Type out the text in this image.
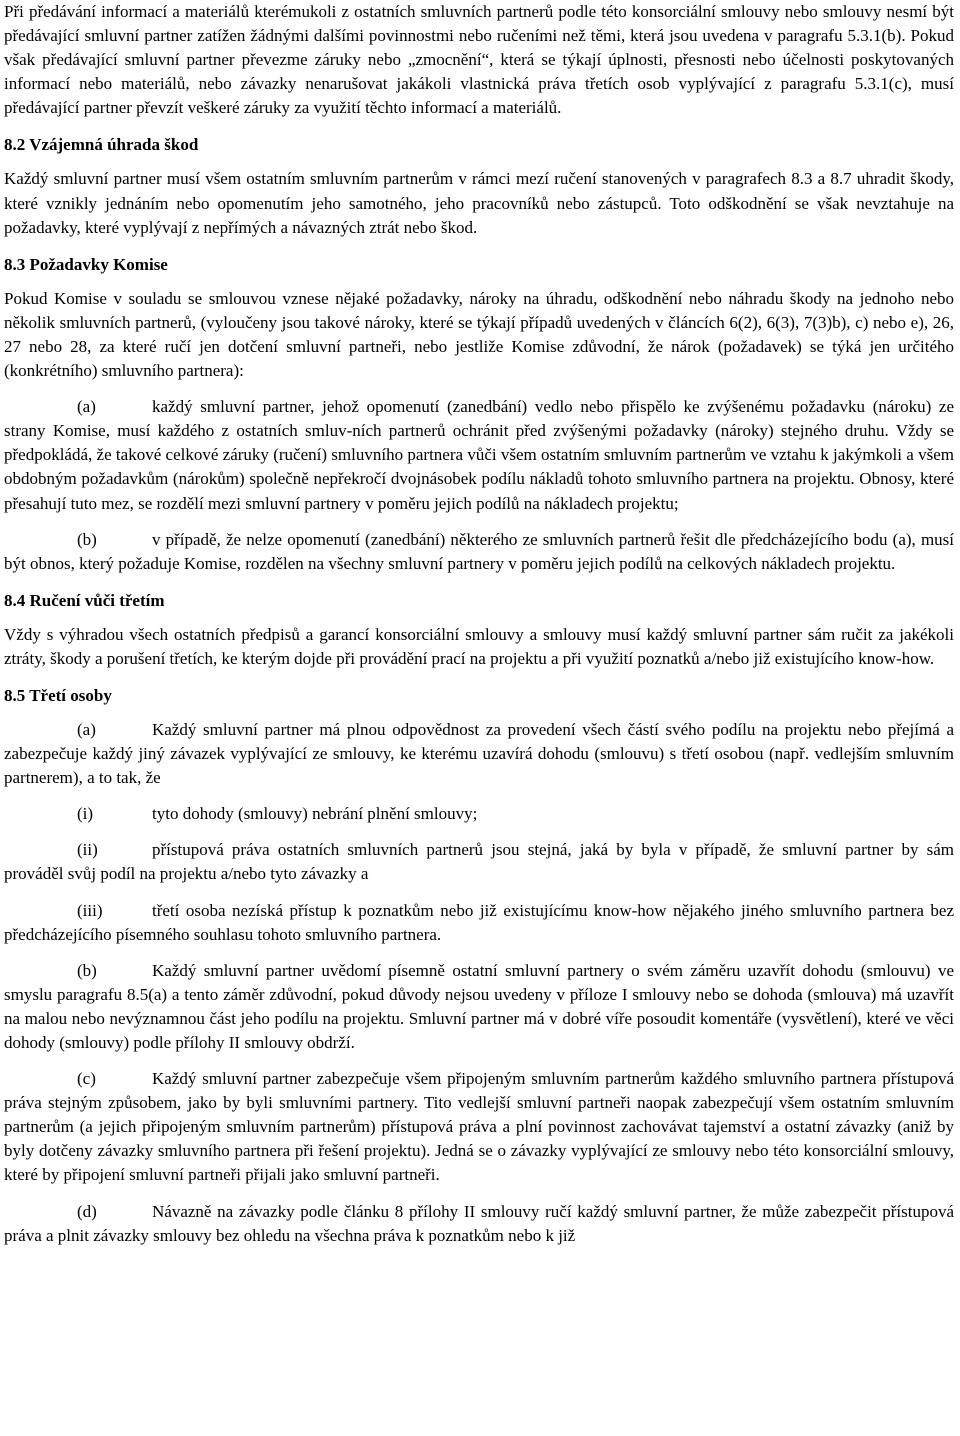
Při předávání informací a materiálů kterémukoli z ostatních smluvních partnerů podle této konsorciální smlouvy nebo smlouvy nesmí být předávající smluvní partner zatížen žádnými dalšími povinnostmi nebo ručeními než těmi, která jsou uvedena v paragrafu 5.3.1(b). Pokud však předávající smluvní partner převezme záruky nebo „zmocnění“, která se týkají úplnosti, přesnosti nebo účelnosti poskytovaných informací nebo materiálů, nebo závazky nenarušovat jakákoli vlastnická práva třetích osob vyplývající z paragrafu 5.3.1(c), musí předávající partner převzít veškeré záruky za využití těchto informací a materiálů.

8.2 Vzájemná úhrada škod

Každý smluvní partner musí všem ostatním smluvním partnerům v rámci mezí ručení stanovených v paragrafech 8.3 a 8.7 uhradit škody, které vznikly jednáním nebo opomenutím jeho samotného, jeho pracovníků nebo zástupců. Toto odškodnění se však nevztahuje na požadavky, které vyplývají z nepřímých a návazných ztrát nebo škod.

8.3 Požadavky Komise

Pokud Komise v souladu se smlouvou vznese nějaké požadavky, nároky na úhradu, odškodnění nebo náhradu škody na jednoho nebo několik smluvních partnerů, (vyloučeny jsou takové nároky, které se týkají případů uvedených v článcích 6(2), 6(3), 7(3)b), c) nebo e), 26, 27 nebo 28, za které ručí jen dotčení smluvní partneři, nebo jestliže Komise zdůvodní, že nárok (požadavek) se týká jen určitého (konkrétního) smluvního partnera):

(a)	každý smluvní partner, jehož opomenutí (zanedbání) vedlo nebo přispělo ke zvýšenému požadavku (nároku) ze strany Komise, musí každého z ostatních smluv-ních partnerů ochránit před zvýšenými požadavky (nároky) stejného druhu. Vždy se předpokládá, že takové celkové záruky (ručení) smluvního partnera vůči všem ostatním smluvním partnerům ve vztahu k jakýmkoli a všem obdobným požadavkům (nárokům) společně nepřekročí dvojnásobek podílu nákladů tohoto smluvního partnera na projektu. Obnosy, které přesahují tuto mez, se rozdělí mezi smluvní partnery v poměru jejich podílů na nákladech projektu;

(b)	v případě, že nelze opomenutí (zanedbání) některého ze smluvních partnerů řešit dle předcházejícího bodu (a), musí být obnos, který požaduje Komise, rozdělen na všechny smluvní partnery v poměru jejich podílů na celkových nákladech projektu.

8.4 Ručení vůči třetím

Vždy s výhradou všech ostatních předpisů a garancí konsorciální smlouvy a smlouvy musí každý smluvní partner sám ručit za jakékoli ztráty, škody a porušení třetích, ke kterým dojde při provádění prací na projektu a při využití poznatků a/nebo již existujícího know-how.

8.5 Třetí osoby

(a)	Každý smluvní partner má plnou odpovědnost za provedení všech částí svého podílu na projektu nebo přejímá a zabezpečuje každý jiný závazek vyplývající ze smlouvy, ke kterému uzavírá dohodu (smlouvu) s třetí osobou (např. vedlejším smluvním partnerem), a to tak, že

(i)	tyto dohody (smlouvy) nebrání plnění smlouvy;

(ii)	přístupová práva ostatních smluvních partnerů jsou stejná, jaká by byla v případě, že smluvní partner by sám prováděl svůj podíl na projektu a/nebo tyto závazky a

(iii)	třetí osoba nezíská přístup k poznatkům nebo již existujícímu know-how nějakého jiného smluvního partnera bez předcházejícího písemného souhlasu tohoto smluvního partnera.

(b)	Každý smluvní partner uvědomí písemně ostatní smluvní partnery o svém záměru uzavřít dohodu (smlouvu) ve smyslu paragrafu 8.5(a) a tento záměr zdůvodní, pokud důvody nejsou uvedeny v příloze I smlouvy nebo se dohoda (smlouva) má uzavřít na malou nebo nevýznamnou část jeho podílu na projektu. Smluvní partner má v dobré víře posoudit komentáře (vysvětlení), které ve věci dohody (smlouvy) podle přílohy II smlouvy obdrží.

(c)	Každý smluvní partner zabezpečuje všem připojeným smluvním partnerům každého smluvního partnera přístupová práva stejným způsobem, jako by byli smluvními partnery. Tito vedlejší smluvní partneři naopak zabezpečují všem ostatním smluvním partnerům (a jejich připojeným smluvním partnerům) přístupová práva a plní povinnost zachovávat tajemství a ostatní závazky (aniž by byly dotčeny závazky smluvního partnera při řešení projektu). Jedná se o závazky vyplývající ze smlouvy nebo této konsorciální smlouvy, které by připojení smluvní partneři přijali jako smluvní partneři.

(d)	Návazně na závazky podle článku 8 přílohy II smlouvy ručí každý smluvní partner, že může zabezpečit přístupová práva a plnit závazky smlouvy bez ohledu na všechna práva k poznatkům nebo k již
